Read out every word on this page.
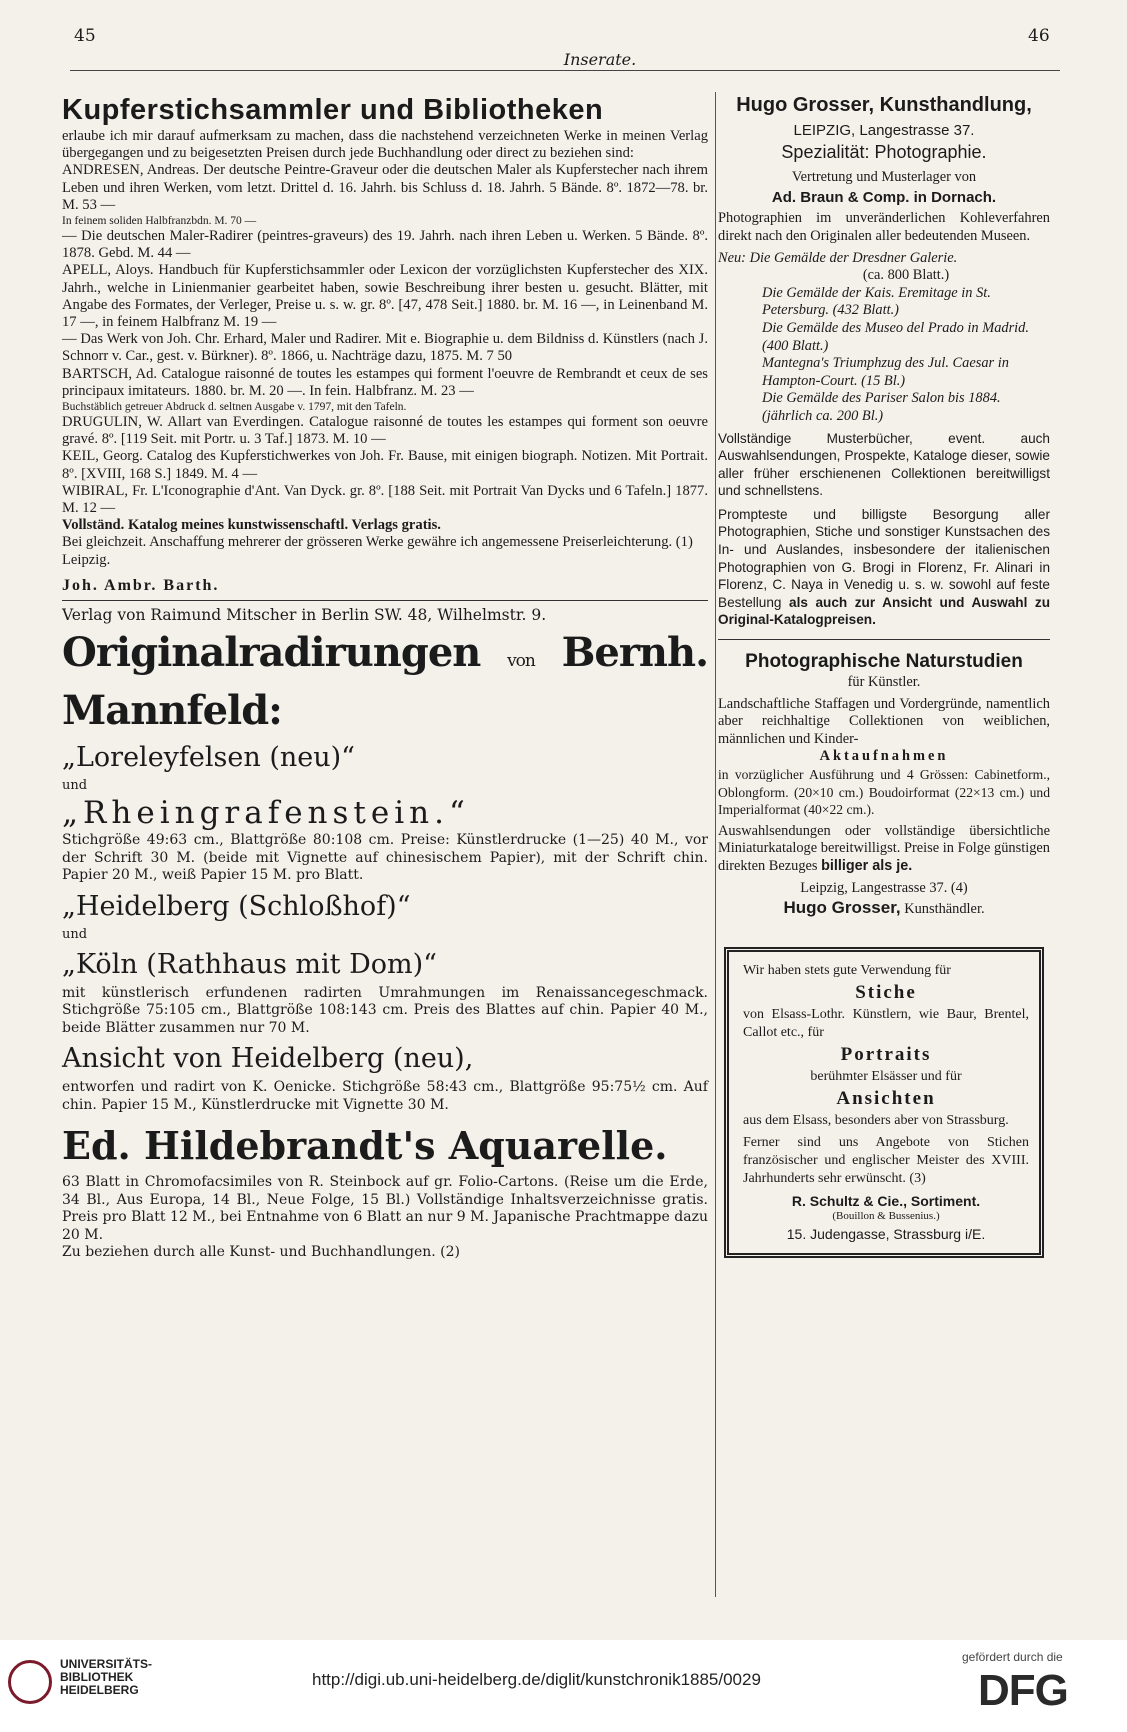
45
Inserate.
46

Kupferstichsammler und Bibliotheken

erlaube ich mir darauf aufmerksam zu machen, dass die nachstehend verzeichneten Werke in meinen Verlag übergegangen und zu beigesetzten Preisen durch jede Buchhandlung oder direct zu beziehen sind:

ANDRESEN, Andreas. Der deutsche Peintre-Graveur oder die deutschen Maler als Kupferstecher nach ihrem Leben und ihren Werken, vom letzt. Drittel d. 16. Jahrh. bis Schluss d. 18. Jahrh. 5 Bände. 8º. 1872—78. br. M. 53 —

In feinem soliden Halbfranzbdn. M. 70 —

— Die deutschen Maler-Radirer (peintres-graveurs) des 19. Jahrh. nach ihren Leben u. Werken. 5 Bände. 8º. 1878. Gebd. M. 44 —

APELL, Aloys. Handbuch für Kupferstichsammler oder Lexicon der vorzüglichsten Kupferstecher des XIX. Jahrh., welche in Linienmanier gearbeitet haben, sowie Beschreibung ihrer besten u. gesucht. Blätter, mit Angabe des Formates, der Verleger, Preise u. s. w. gr. 8º. [47, 478 Seit.] 1880. br. M. 16 —, in Leinenband M. 17 —, in feinem Halbfranz M. 19 —

— Das Werk von Joh. Chr. Erhard, Maler und Radirer. Mit e. Biographie u. dem Bildniss d. Künstlers (nach J. Schnorr v. Car., gest. v. Bürkner). 8º. 1866, u. Nachträge dazu, 1875. M. 7 50

BARTSCH, Ad. Catalogue raisonné de toutes les estampes qui forment l'oeuvre de Rembrandt et ceux de ses principaux imitateurs. 1880. br. M. 20 —. In fein. Halbfranz. M. 23 —

Buchstäblich getreuer Abdruck d. seltnen Ausgabe v. 1797, mit den Tafeln.

DRUGULIN, W. Allart van Everdingen. Catalogue raisonné de toutes les estampes qui forment son oeuvre gravé. 8º. [119 Seit. mit Portr. u. 3 Taf.] 1873. M. 10 —

KEIL, Georg. Catalog des Kupferstichwerkes von Joh. Fr. Bause, mit einigen biograph. Notizen. Mit Portrait. 8º. [XVIII, 168 S.] 1849. M. 4 —

WIBIRAL, Fr. L'Iconographie d'Ant. Van Dyck. gr. 8º. [188 Seit. mit Portrait Van Dycks und 6 Tafeln.] 1877. M. 12 —

Vollständ. Katalog meines kunstwissenschaftl. Verlags gratis.

Bei gleichzeit. Anschaffung mehrerer der grösseren Werke gewähre ich angemessene Preiserleichterung. (1)

Leipzig.

Joh. Ambr. Barth.

Verlag von Raimund Mitscher in Berlin SW. 48, Wilhelmstr. 9.

Originalradirungen von Bernh. Mannfeld:

„Loreleyfelsen (neu)“

und

„Rheingrafenstein.“

Stichgröße 49:63 cm., Blattgröße 80:108 cm. Preise: Künstlerdrucke (1—25) 40 M., vor der Schrift 30 M. (beide mit Vignette auf chinesischem Papier), mit der Schrift chin. Papier 20 M., weiß Papier 15 M. pro Blatt.

„Heidelberg (Schloßhof)“

und

„Köln (Rathhaus mit Dom)“

mit künstlerisch erfundenen radirten Umrahmungen im Renaissancegeschmack. Stichgröße 75:105 cm., Blattgröße 108:143 cm. Preis des Blattes auf chin. Papier 40 M., beide Blätter zusammen nur 70 M.

Ansicht von Heidelberg (neu),

entworfen und radirt von K. Oenicke. Stichgröße 58:43 cm., Blattgröße 95:75½ cm. Auf chin. Papier 15 M., Künstlerdrucke mit Vignette 30 M.

Ed. Hildebrandt's Aquarelle.

63 Blatt in Chromofacsimiles von R. Steinbock auf gr. Folio-Cartons. (Reise um die Erde, 34 Bl., Aus Europa, 14 Bl., Neue Folge, 15 Bl.) Vollständige Inhaltsverzeichnisse gratis. Preis pro Blatt 12 M., bei Entnahme von 6 Blatt an nur 9 M. Japanische Prachtmappe dazu 20 M.

Zu beziehen durch alle Kunst- und Buchhandlungen. (2)

Hugo Grosser, Kunsthandlung,

LEIPZIG, Langestrasse 37.

Spezialität: Photographie.

Vertretung und Musterlager von

Ad. Braun & Comp. in Dornach.

Photographien im unveränderlichen Kohleverfahren direkt nach den Originalen aller bedeutenden Museen.

Neu: Die Gemälde der Dresdner Galerie.

(ca. 800 Blatt.)

Die Gemälde der Kais. Eremitage in St. Petersburg. (432 Blatt.)

Die Gemälde des Museo del Prado in Madrid. (400 Blatt.)

Mantegna's Triumphzug des Jul. Caesar in Hampton-Court. (15 Bl.)

Die Gemälde des Pariser Salon bis 1884. (jährlich ca. 200 Bl.)

Vollständige Musterbücher, event. auch Auswahlsendungen, Prospekte, Kataloge dieser, sowie aller früher erschienenen Collektionen bereitwilligst und schnellstens.

Prompteste und billigste Besorgung aller Photographien, Stiche und sonstiger Kunstsachen des In- und Auslandes, insbesondere der italienischen Photographien von G. Brogi in Florenz, Fr. Alinari in Florenz, C. Naya in Venedig u. s. w. sowohl auf feste Bestellung als auch zur Ansicht und Auswahl zu Original-Katalogpreisen.

Photographische Naturstudien

für Künstler.

Landschaftliche Staffagen und Vordergründe, namentlich aber reichhaltige Collektionen von weiblichen, männlichen und Kinder-

Aktaufnahmen

in vorzüglicher Ausführung und 4 Grössen: Cabinetform., Oblongform. (20×10 cm.) Boudoirformat (22×13 cm.) und Imperialformat (40×22 cm.).

Auswahlsendungen oder vollständige übersichtliche Miniaturkataloge bereitwilligst. Preise in Folge günstigen direkten Bezuges billiger als je.

Leipzig, Langestrasse 37. (4)

Hugo Grosser, Kunsthändler.

Wir haben stets gute Verwendung für

Stiche

von Elsass-Lothr. Künstlern, wie Baur, Brentel, Callot etc., für

Portraits

berühmter Elsässer und für

Ansichten

aus dem Elsass, besonders aber von Strassburg.

Ferner sind uns Angebote von Stichen französischer und englischer Meister des XVIII. Jahrhunderts sehr erwünscht. (3)

R. Schultz & Cie., Sortiment.

(Bouillon & Bussenius.)

15. Judengasse, Strassburg i/E.

UNIVERSITÄTS-
BIBLIOTHEK
HEIDELBERG
http://digi.ub.uni-heidelberg.de/diglit/kunstchronik1885/0029
gefördert durch die
DFG
